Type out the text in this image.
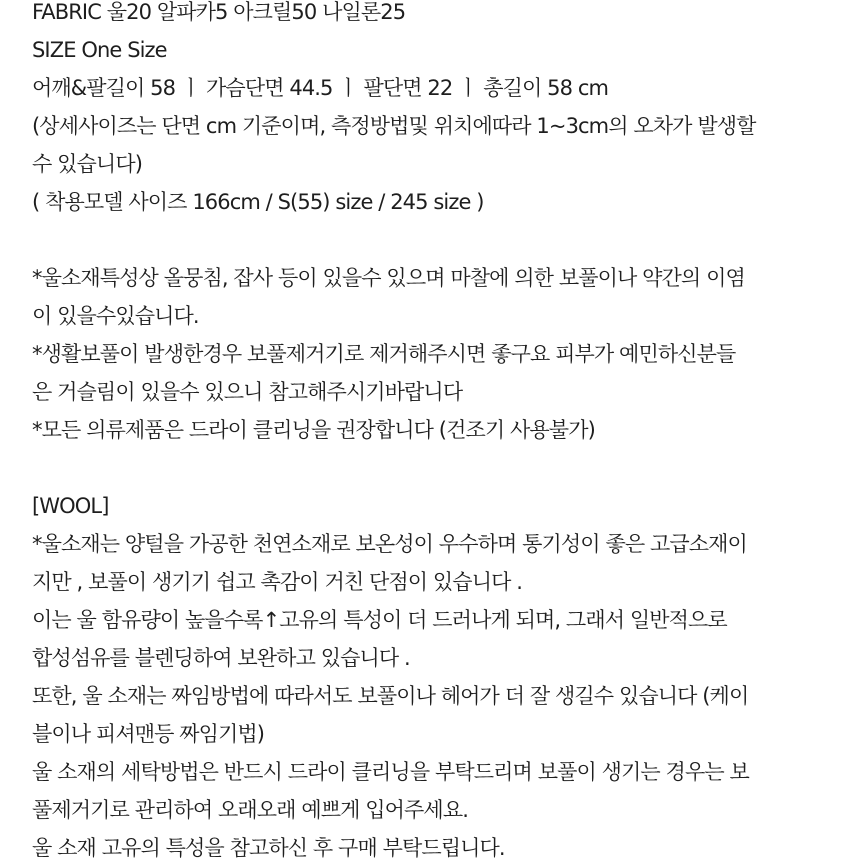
FABRIC 울20 알파카5 아크릴50 나일론25
SIZE One Size
어깨&팔길이 58 ㅣ 가슴단면 44.5 ㅣ 팔단면 22 ㅣ 총길이 58 cm
(상세사이즈는 단면 cm 기준이며, 측정방법및 위치에따라 1~3cm의 오차가 발생할
수 있습니다)
( 착용모델 사이즈 166cm / S(55) size / 245 size )
*울소재특성상 올뭉침, 잡사 등이 있을수 있으며 마찰에 의한 보풀이나 약간의 이염
이 있을수있습니다.
*생활보풀이 발생한경우 보풀제거기로 제거해주시면 좋구요 피부가 예민하신분들
은 거슬림이 있을수 있으니 참고해주시기바랍니다
*모든 의류제품은 드라이 클리닝을 권장합니다 (건조기 사용불가)
[WOOL]
*울소재는 양털을 가공한 천연소재로 보온성이 우수하며 통기성이 좋은 고급소재이
지만 , 보풀이 생기기 쉽고 촉감이 거친 단점이 있습니다 .
이는 울 함유량이 높을수록↑고유의 특성이 더 드러나게 되며, 그래서 일반적으로
합성섬유를 블렌딩하여 보완하고 있습니다 .
또한, 울 소재는 짜임방법에 따라서도 보풀이나 헤어가 더 잘 생길수 있습니다 (케이
블이나 피셔맨등 짜임기법)
울 소재의 세탁방법은 반드시 드라이 클리닝을 부탁드리며 보풀이 생기는 경우는 보
풀제거기로 관리하여 오래오래 예쁘게 입어주세요.
울 소재 고유의 특성을 참고하신 후 구매 부탁드립니다.
